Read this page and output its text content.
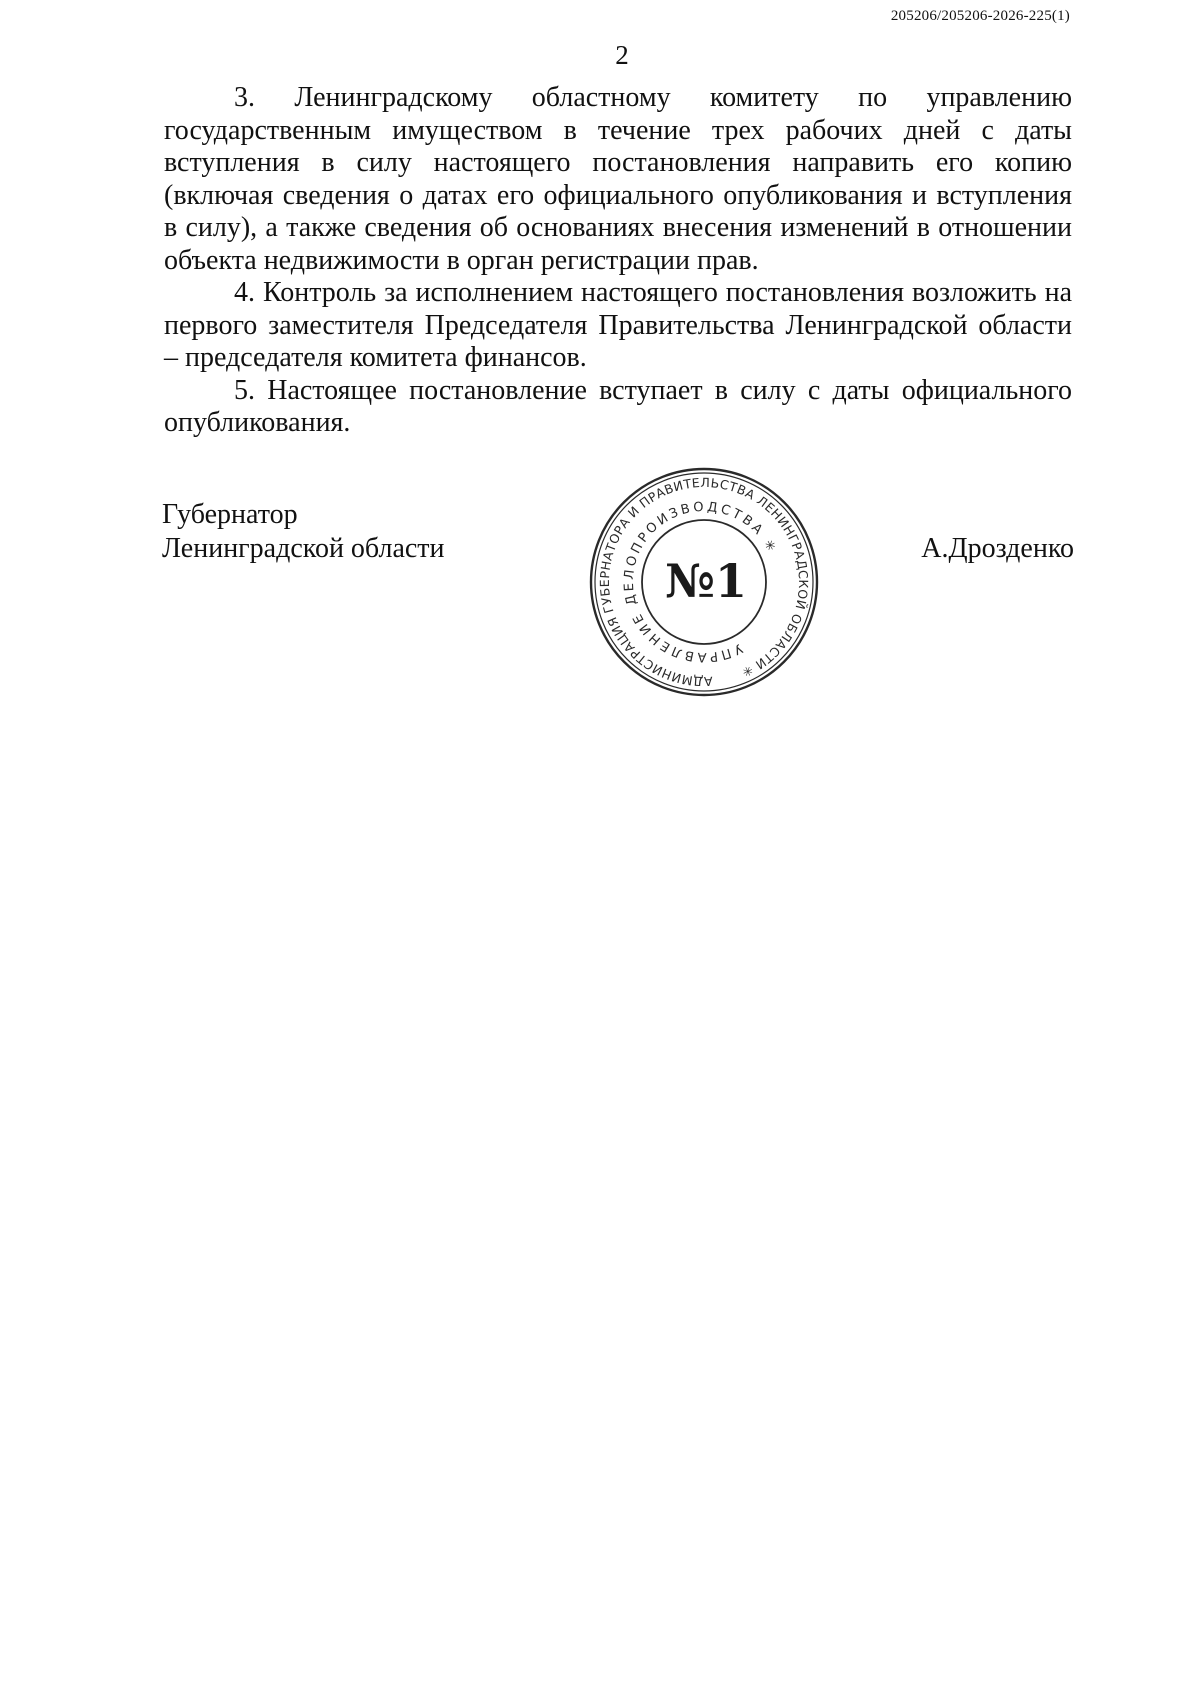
205206/205206-2026-225(1)
2

3. Ленинградскому областному комитету по управлению государственным имуществом в течение трех рабочих дней с даты вступления в силу настоящего постановления направить его копию (включая сведения о датах его официального опубликования и вступления в силу), а также сведения об основаниях внесения изменений в отношении объекта недвижимости в орган регистрации прав.

4. Контроль за исполнением настоящего постановления возложить на первого заместителя Председателя Правительства Ленинградской области – председателя комитета финансов.

5. Настоящее постановление вступает в силу с даты официального опубликования.

Губернатор
Ленинградской области	А.Дрозденко
АДМИНИСТРАЦИЯ ГУБЕРНАТОРА И ПРАВИТЕЛЬСТВА ЛЕНИНГРАДСКОЙ ОБЛАСТИ ✳
УПРАВЛЕНИЕ ДЕЛОПРОИЗВОДСТВА ✳
№1
